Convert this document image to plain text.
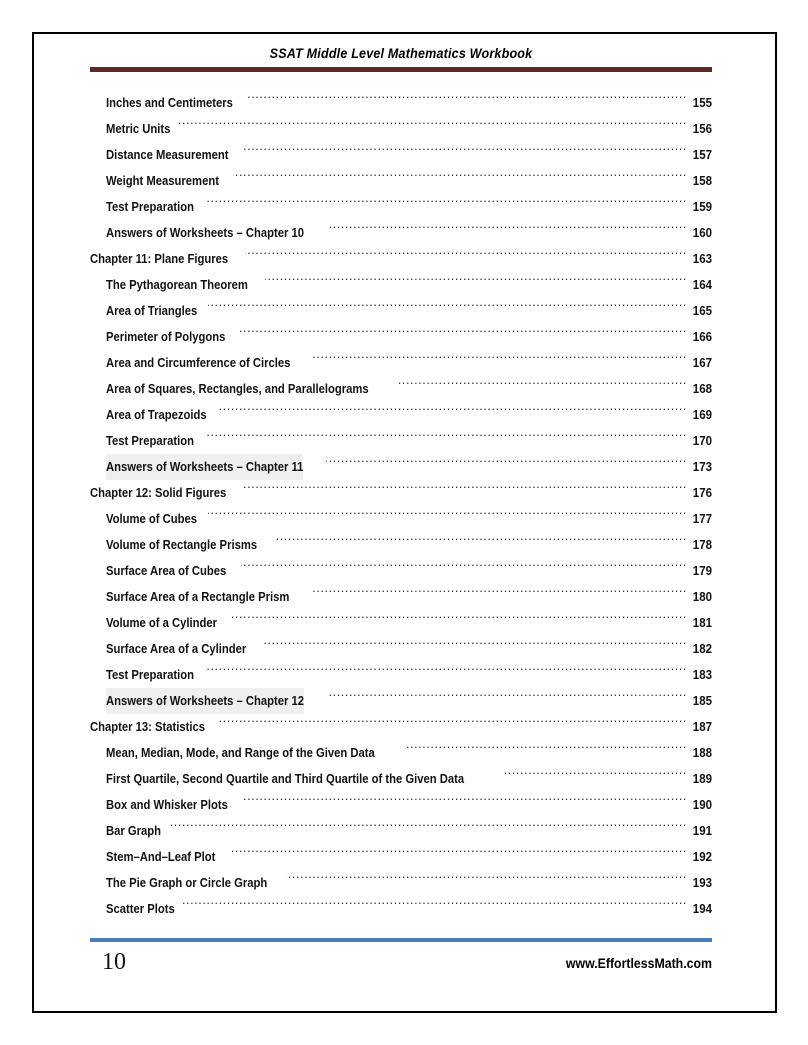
SSAT Middle Level Mathematics Workbook
Inches and Centimeters .....	155
Metric Units .....	156
Distance Measurement .....	157
Weight Measurement .....	158
Test Preparation .....	159
Answers of Worksheets – Chapter 10 .....	160
Chapter 11: Plane Figures .....	163
The Pythagorean Theorem .....	164
Area of Triangles .....	165
Perimeter of Polygons .....	166
Area and Circumference of Circles .....	167
Area of Squares, Rectangles, and Parallelograms .....	168
Area of Trapezoids .....	169
Test Preparation .....	170
Answers of Worksheets – Chapter 11 .....	173
Chapter 12: Solid Figures .....	176
Volume of Cubes .....	177
Volume of Rectangle Prisms .....	178
Surface Area of Cubes .....	179
Surface Area of a Rectangle Prism .....	180
Volume of a Cylinder .....	181
Surface Area of a Cylinder .....	182
Test Preparation .....	183
Answers of Worksheets – Chapter 12 .....	185
Chapter 13: Statistics .....	187
Mean, Median, Mode, and Range of the Given Data .....	188
First Quartile, Second Quartile and Third Quartile of the Given Data .....	189
Box and Whisker Plots .....	190
Bar Graph .....	191
Stem–And–Leaf Plot .....	192
The Pie Graph or Circle Graph .....	193
Scatter Plots .....	194
10	www.EffortlessMath.com
